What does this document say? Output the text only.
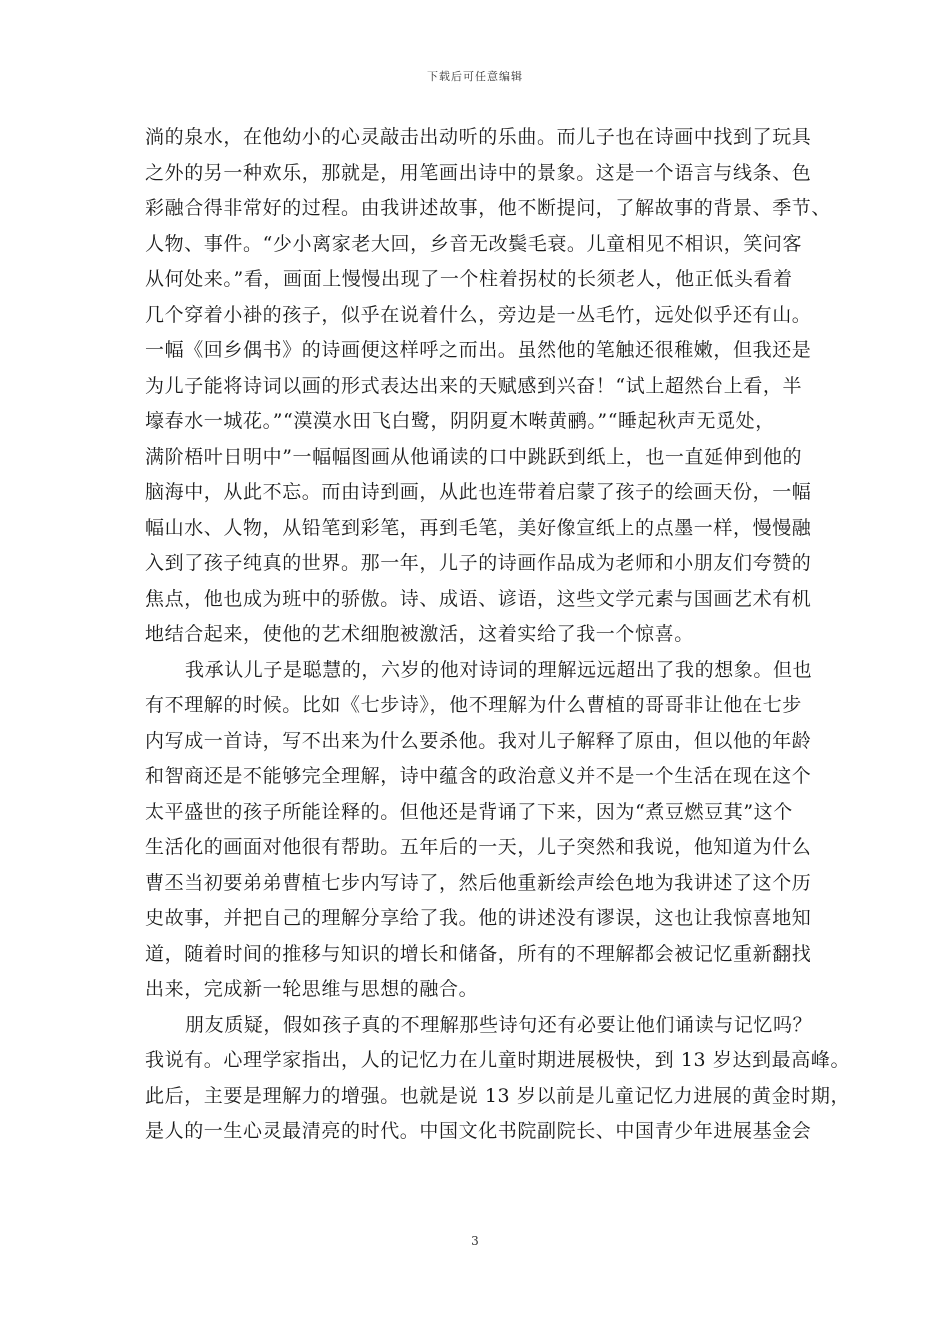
下载后可任意编辑
淌的泉水，在他幼小的心灵敲击出动听的乐曲。而儿子也在诗画中找到了玩具
之外的另一种欢乐，那就是，用笔画出诗中的景象。这是一个语言与线条、色
彩融合得非常好的过程。由我讲述故事，他不断提问，了解故事的背景、季节、
人物、事件。“少小离家老大回，乡音无改鬓毛衰。儿童相见不相识，笑问客
从何处来。”看，画面上慢慢出现了一个柱着拐杖的长须老人，他正低头看着
几个穿着小褂的孩子，似乎在说着什么，旁边是一丛毛竹，远处似乎还有山。
一幅《回乡偶书》的诗画便这样呼之而出。虽然他的笔触还很稚嫩，但我还是
为儿子能将诗词以画的形式表达出来的天赋感到兴奋！“试上超然台上看，半
壕春水一城花。”“漠漠水田飞白鹭，阴阴夏木啭黄鹂。”“睡起秋声无觅处，
满阶梧叶日明中”一幅幅图画从他诵读的口中跳跃到纸上，也一直延伸到他的
脑海中，从此不忘。而由诗到画，从此也连带着启蒙了孩子的绘画天份，一幅
幅山水、人物，从铅笔到彩笔，再到毛笔，美好像宣纸上的点墨一样，慢慢融
入到了孩子纯真的世界。那一年，儿子的诗画作品成为老师和小朋友们夸赞的
焦点，他也成为班中的骄傲。诗、成语、谚语，这些文学元素与国画艺术有机
地结合起来，使他的艺术细胞被激活，这着实给了我一个惊喜。
我承认儿子是聪慧的，六岁的他对诗词的理解远远超出了我的想象。但也
有不理解的时候。比如《七步诗》，他不理解为什么曹植的哥哥非让他在七步
内写成一首诗，写不出来为什么要杀他。我对儿子解释了原由，但以他的年龄
和智商还是不能够完全理解，诗中蕴含的政治意义并不是一个生活在现在这个
太平盛世的孩子所能诠释的。但他还是背诵了下来，因为“煮豆燃豆萁”这个
生活化的画面对他很有帮助。五年后的一天，儿子突然和我说，他知道为什么
曹丕当初要弟弟曹植七步内写诗了，然后他重新绘声绘色地为我讲述了这个历
史故事，并把自己的理解分享给了我。他的讲述没有谬误，这也让我惊喜地知
道，随着时间的推移与知识的增长和储备，所有的不理解都会被记忆重新翻找
出来，完成新一轮思维与思想的融合。
朋友质疑，假如孩子真的不理解那些诗句还有必要让他们诵读与记忆吗？
我说有。心理学家指出，人的记忆力在儿童时期进展极快，到 13 岁达到最高峰。
此后，主要是理解力的增强。也就是说 13 岁以前是儿童记忆力进展的黄金时期，
是人的一生心灵最清亮的时代。中国文化书院副院长、中国青少年进展基金会
3
